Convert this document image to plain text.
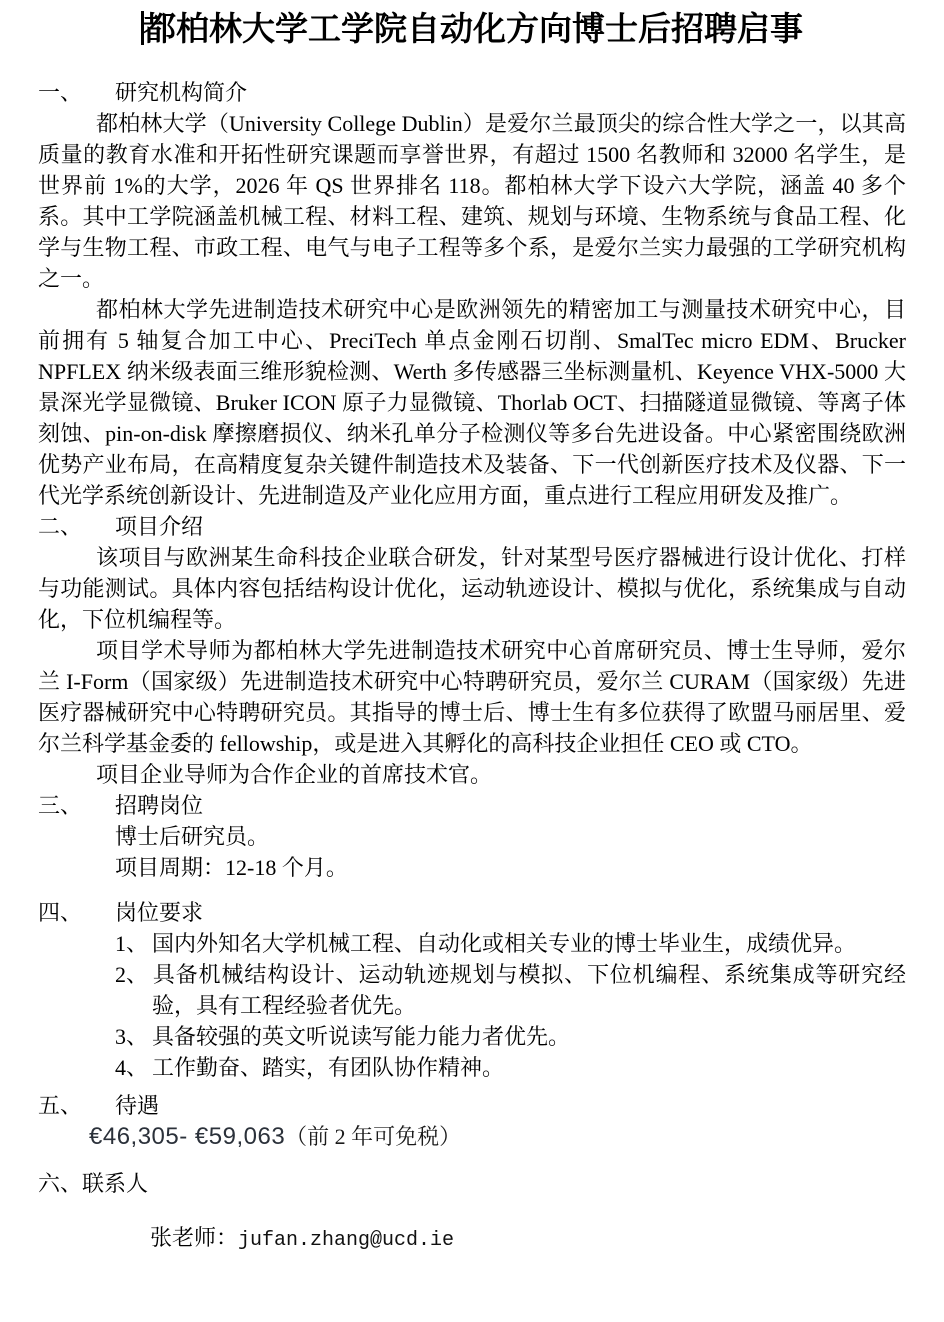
都柏林大学工学院自动化方向博士后招聘启事
一、 研究机构简介

都柏林大学（University College Dublin）是爱尔兰最顶尖的综合性大学之一，以其高质量的教育水准和开拓性研究课题而享誉世界，有超过 1500 名教师和 32000 名学生，是世界前 1%的大学，2026 年 QS 世界排名 118。都柏林大学下设六大学院，涵盖 40 多个系。其中工学院涵盖机械工程、材料工程、建筑、规划与环境、生物系统与食品工程、化学与生物工程、市政工程、电气与电子工程等多个系，是爱尔兰实力最强的工学研究机构之一。

都柏林大学先进制造技术研究中心是欧洲领先的精密加工与测量技术研究中心，目前拥有 5 轴复合加工中心、PreciTech 单点金刚石切削、SmalTec micro EDM、Brucker NPFLEX 纳米级表面三维形貌检测、Werth 多传感器三坐标测量机、Keyence VHX-5000 大景深光学显微镜、Bruker ICON 原子力显微镜、Thorlab OCT、扫描隧道显微镜、等离子体刻蚀、pin-on-disk 摩擦磨损仪、纳米孔单分子检测仪等多台先进设备。中心紧密围绕欧洲优势产业布局，在高精度复杂关键件制造技术及装备、下一代创新医疗技术及仪器、下一代光学系统创新设计、先进制造及产业化应用方面，重点进行工程应用研发及推广。

二、 项目介绍

该项目与欧洲某生命科技企业联合研发，针对某型号医疗器械进行设计优化、打样与功能测试。具体内容包括结构设计优化，运动轨迹设计、模拟与优化，系统集成与自动化，下位机编程等。

项目学术导师为都柏林大学先进制造技术研究中心首席研究员、博士生导师，爱尔兰 I-Form（国家级）先进制造技术研究中心特聘研究员，爱尔兰 CURAM（国家级）先进医疗器械研究中心特聘研究员。其指导的博士后、博士生有多位获得了欧盟马丽居里、爱尔兰科学基金委的 fellowship，或是进入其孵化的高科技企业担任 CEO 或 CTO。

项目企业导师为合作企业的首席技术官。

三、 招聘岗位
博士后研究员。
项目周期：12-18 个月。
四、 岗位要求
1、 国内外知名大学机械工程、自动化或相关专业的博士毕业生，成绩优异。
2、 具备机械结构设计、运动轨迹规划与模拟、下位机编程、系统集成等研究经验，具有工程经验者优先。
3、 具备较强的英文听说读写能力能力者优先。
4、 工作勤奋、踏实，有团队协作精神。
五、 待遇
€46,305- €59,063（前 2 年可免税）
六、联系人
张老师：jufan.zhang@ucd.ie
